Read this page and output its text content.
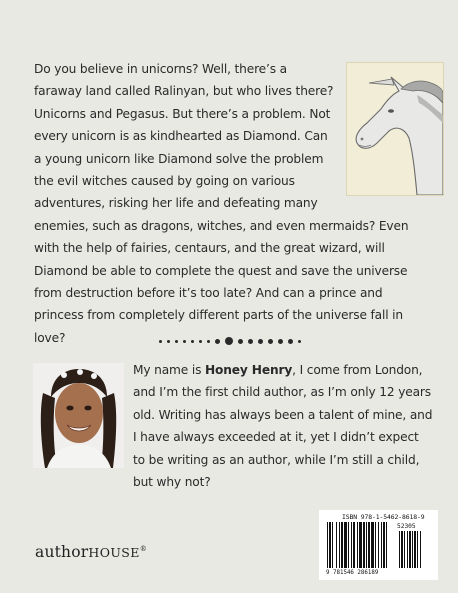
Do you believe in unicorns? Well, there’s a faraway land called Ralinyan, but who lives there? Unicorns and Pegasus. But there’s a problem. Not every unicorn is as kindhearted as Diamond. Can a young unicorn like Diamond solve the problem the evil witches caused by going on various adventures, risking her life and defeating many enemies, such as dragons, witches, and even mermaids? Even with the help of fairies, centaurs, and the great wizard, will Diamond be able to complete the quest and save the universe from destruction before it’s too late? And can a prince and princess from completely different parts of the universe fall in love?

My name is Honey Henry, I come from London, and I’m the first child author, as I’m only 12 years old. Writing has always been a talent of mine, and I have always exceeded at it, yet I didn’t expect to be writing as an author, while I’m still a child, but why not?

authorHOUSE®
ISBN 978-1-5462-8618-9
52305
9 781546 286189
